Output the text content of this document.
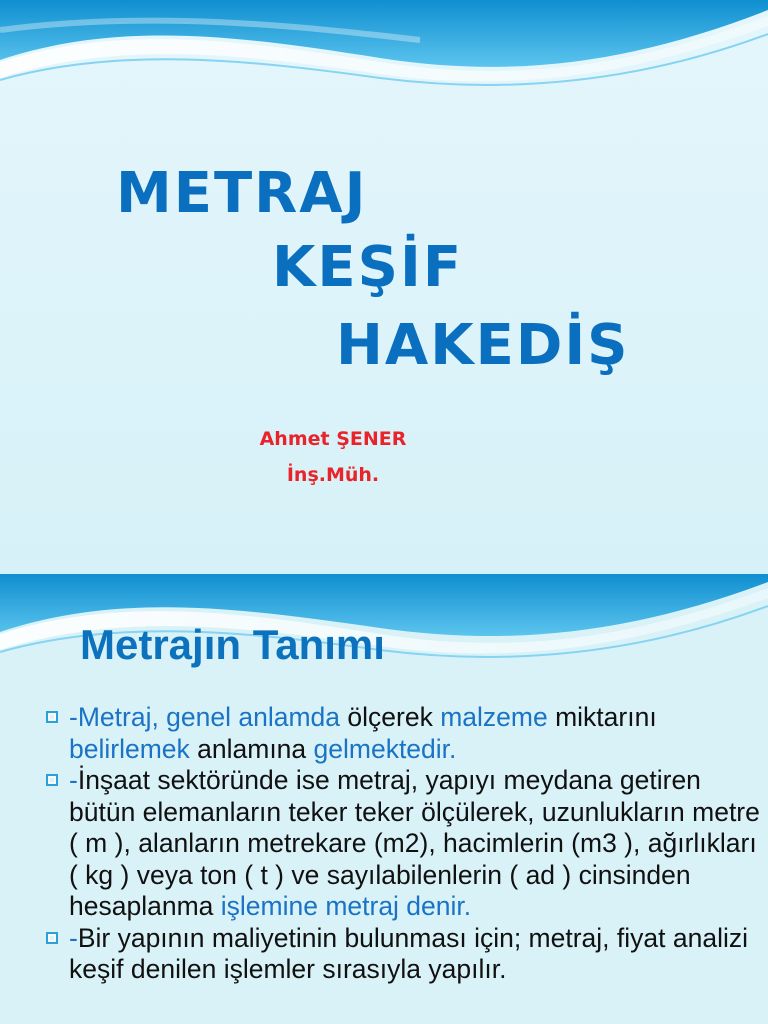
METRAJ
KEŞİF
HAKEDİŞ
Ahmet ŞENER
İnş.Müh.
Metrajın Tanımı
-Metraj, genel anlamda ölçerek malzeme miktarını belirlemek anlamına gelmektedir.
-İnşaat sektöründe ise metraj, yapıyı meydana getiren bütün elemanların teker teker ölçülerek, uzunlukların metre ( m ), alanların metrekare (m2), hacimlerin (m3 ), ağırlıkları ( kg ) veya ton ( t ) ve sayılabilenlerin ( ad ) cinsinden hesaplanma işlemine metraj denir.
-Bir yapının maliyetinin bulunması için; metraj, fiyat analizi keşif denilen işlemler sırasıyla yapılır.
